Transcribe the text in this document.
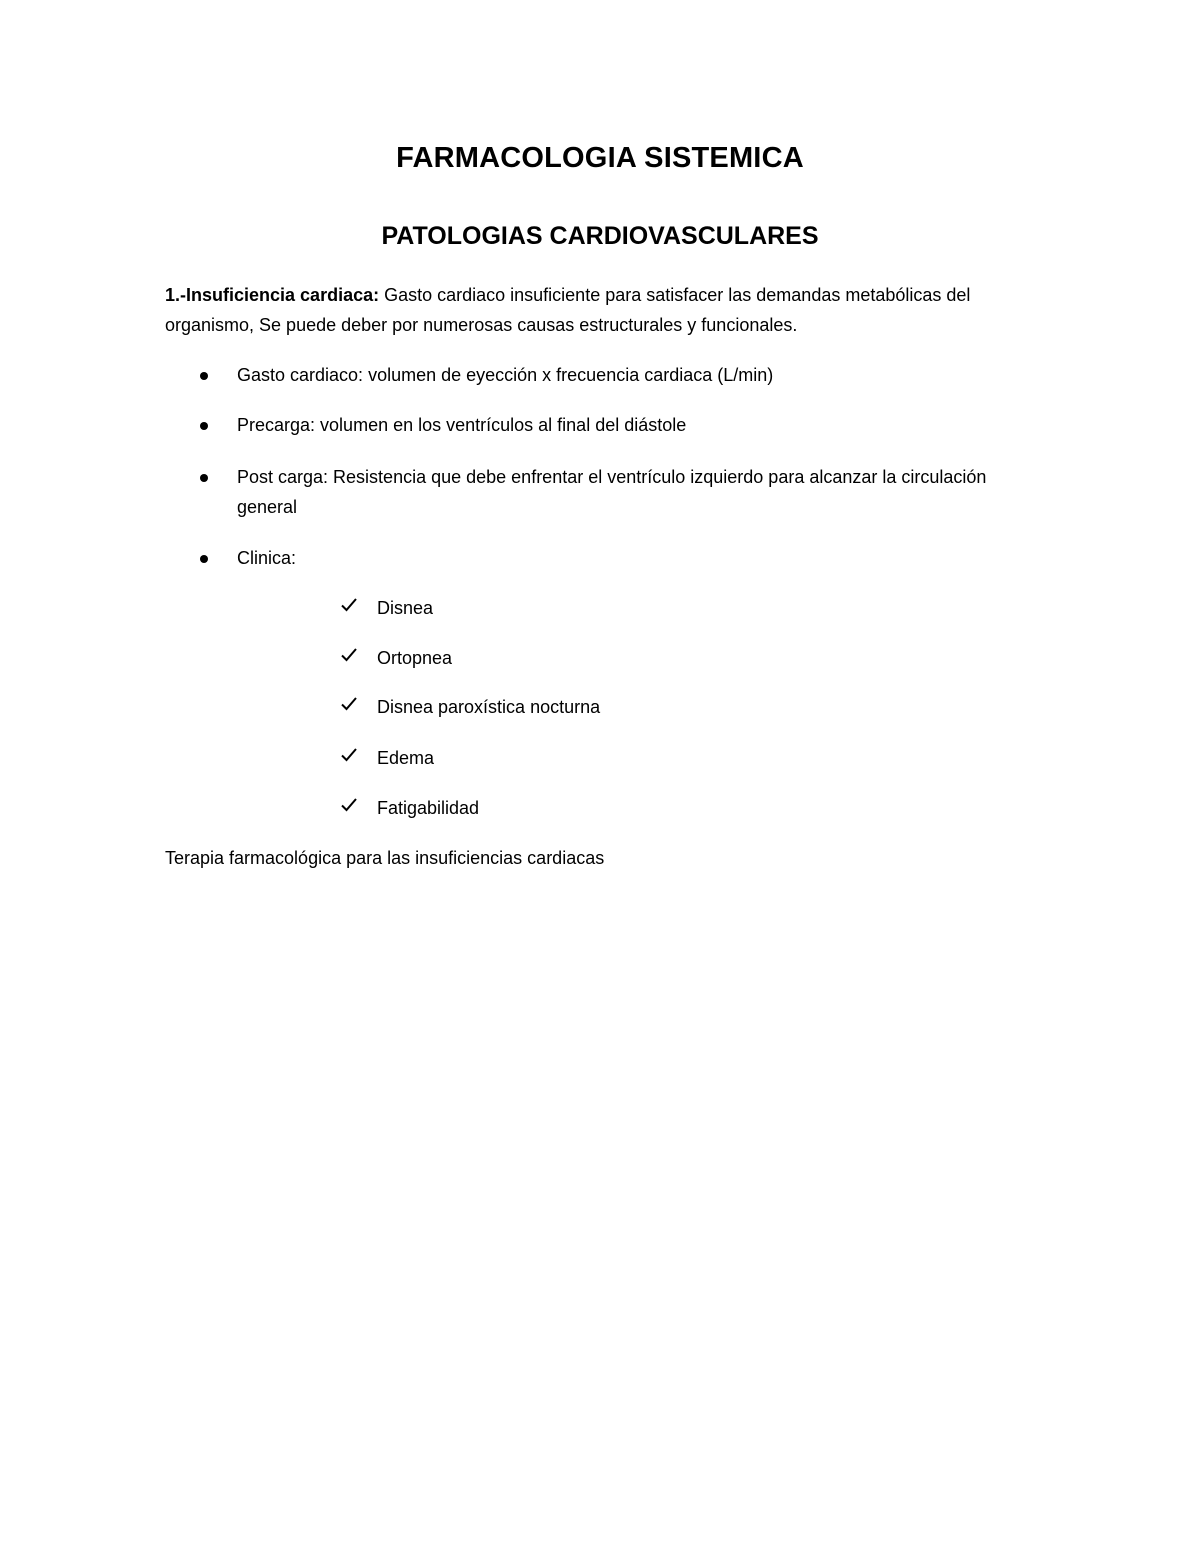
FARMACOLOGIA SISTEMICA
PATOLOGIAS CARDIOVASCULARES
1.-Insuficiencia cardiaca: Gasto cardiaco insuficiente para satisfacer las demandas metabólicas del organismo, Se puede deber por numerosas causas estructurales y funcionales.
Gasto cardiaco: volumen de eyección x frecuencia cardiaca (L/min)
Precarga: volumen en los ventrículos al final del diástole
Post carga: Resistencia que debe enfrentar el ventrículo izquierdo para alcanzar la circulación general
Clinica:
Disnea
Ortopnea
Disnea paroxística nocturna
Edema
Fatigabilidad
Terapia farmacológica para las insuficiencias cardiacas
